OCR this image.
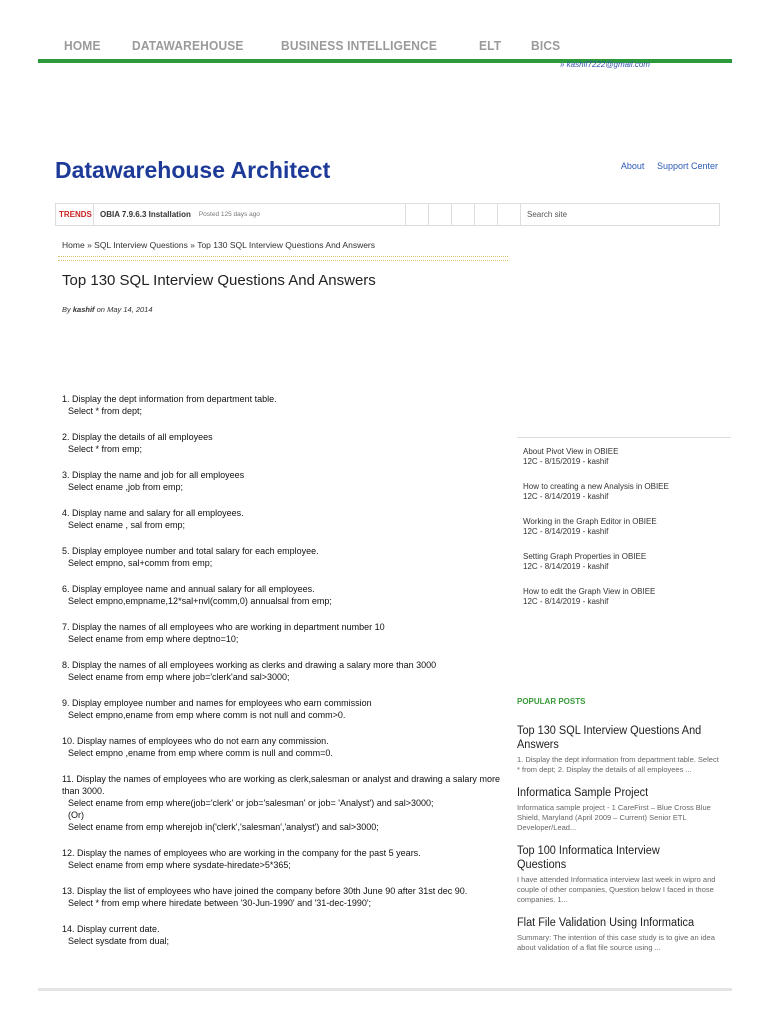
HOME DATAWAREHOUSE	BUSINESS INTELLIGENCE	ELT BICS
» kashif7222@gmail.com
Datawarehouse Architect	About Support Center
TRENDS OBIA 7.9.6.3 Installation Posted 125 days ago	Search site
Home » SQL Interview Questions » Top 130 SQL Interview Questions And Answers
Top 130 SQL Interview Questions And Answers
By kashif on May 14, 2014

1. Display the dept information from department table.

Select * from dept;

2. Display the details of all employees

Select * from emp;

3. Display the name and job for all employees

Select ename ,job from emp;

4. Display name and salary for all employees.

Select ename , sal from emp;

5. Display employee number and total salary for each employee.

Select empno, sal+comm from emp;

6. Display employee name and annual salary for all employees.

Select empno,empname,12*sal+nvl(comm,0) annualsal from emp;

7. Display the names of all employees who are working in department number 10

Select ename from emp where deptno=10;

8. Display the names of all employees working as clerks and drawing a salary more than 3000

Select ename from emp where job='clerk'and sal>3000;

9. Display employee number and names for employees who earn commission

Select empno,ename from emp where comm is not null and comm>0.

10. Display names of employees who do not earn any commission.

Select empno ,ename from emp where comm is null and comm=0.

11. Display the names of employees who are working as clerk,salesman or analyst and drawing a salary more than 3000.

Select ename from emp where(job='clerk' or job='salesman' or job= 'Analyst') and sal>3000;

(Or)

Select ename from emp wherejob in('clerk','salesman','analyst') and sal>3000;

12. Display the names of employees who are working in the company for the past 5 years.

Select ename from emp where sysdate-hiredate>5*365;

13. Display the list of employees who have joined the company before 30th June 90 after 31st dec 90.

Select * from emp where hiredate between '30-Jun-1990' and '31-dec-1990';

14. Display current date.

Select sysdate from dual;

About Pivot View in OBIEE
12C - 8/15/2019 - kashif
How to creating a new Analysis in OBIEE
12C - 8/14/2019 - kashif
Working in the Graph Editor in OBIEE
12C - 8/14/2019 - kashif
Setting Graph Properties in OBIEE
12C - 8/14/2019 - kashif
How to edit the Graph View in OBIEE
12C - 8/14/2019 - kashif
POPULAR POSTS
Top 130 SQL Interview Questions And Answers
1. Display the dept information from department table. Select * from dept; 2. Display the details of all employees ...
Informatica Sample Project
Informatica sample project - 1 CareFirst – Blue Cross Blue Shield, Maryland (April 2009 – Current) Senior ETL Developer/Lead...
Top 100 Informatica Interview Questions
I have attended Informatica interview last week in wipro and couple of other companies, Question below I faced in those companies. 1...
Flat File Validation Using Informatica
Summary: The intention of this case study is to give an idea about validation of a flat file source using ...
